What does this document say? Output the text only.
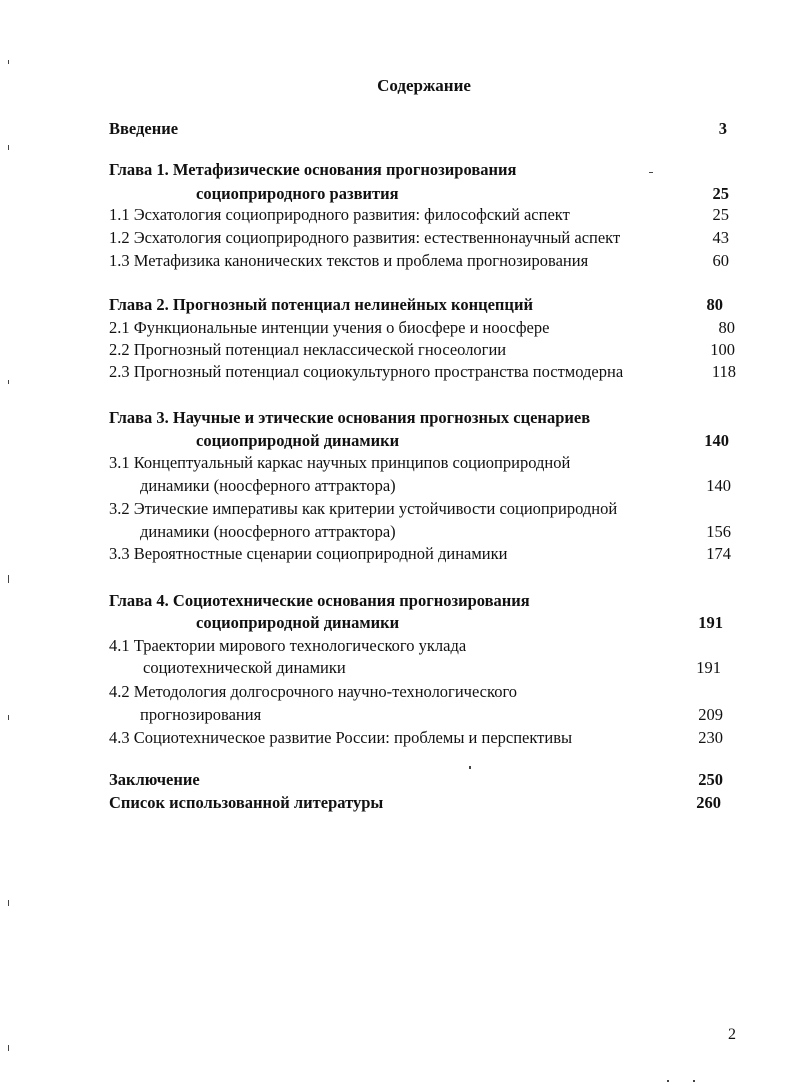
Содержание
Введение	3
Глава 1. Метафизические основания прогнозирования
социоприродного развития	25
1.1 Эсхатология социоприродного развития: философский аспект	25
1.2 Эсхатология социоприродного развития: естественнонаучный аспект	43
1.3 Метафизика канонических текстов и проблема прогнозирования	60
Глава 2. Прогнозный потенциал нелинейных концепций	80
2.1 Функциональные интенции учения о биосфере и ноосфере	80
2.2 Прогнозный потенциал неклассической гносеологии	100
2.3 Прогнозный потенциал социокультурного пространства постмодерна	118
Глава 3. Научные и этические основания прогнозных сценариев
социоприродной динамики	140
3.1 Концептуальный каркас научных принципов социоприродной
динамики (ноосферного аттрактора)	140
3.2 Этические императивы как критерии устойчивости социоприродной
динамики (ноосферного аттрактора)	156
3.3 Вероятностные сценарии социоприродной динамики	174
Глава 4. Социотехнические основания прогнозирования
социоприродной динамики	191
4.1 Траектории мирового технологического уклада
социотехнической динамики	191
4.2 Методология долгосрочного научно-технологического
прогнозирования	209
4.3 Социотехническое развитие России: проблемы и перспективы	230
Заключение	250
Список использованной литературы	260
2
